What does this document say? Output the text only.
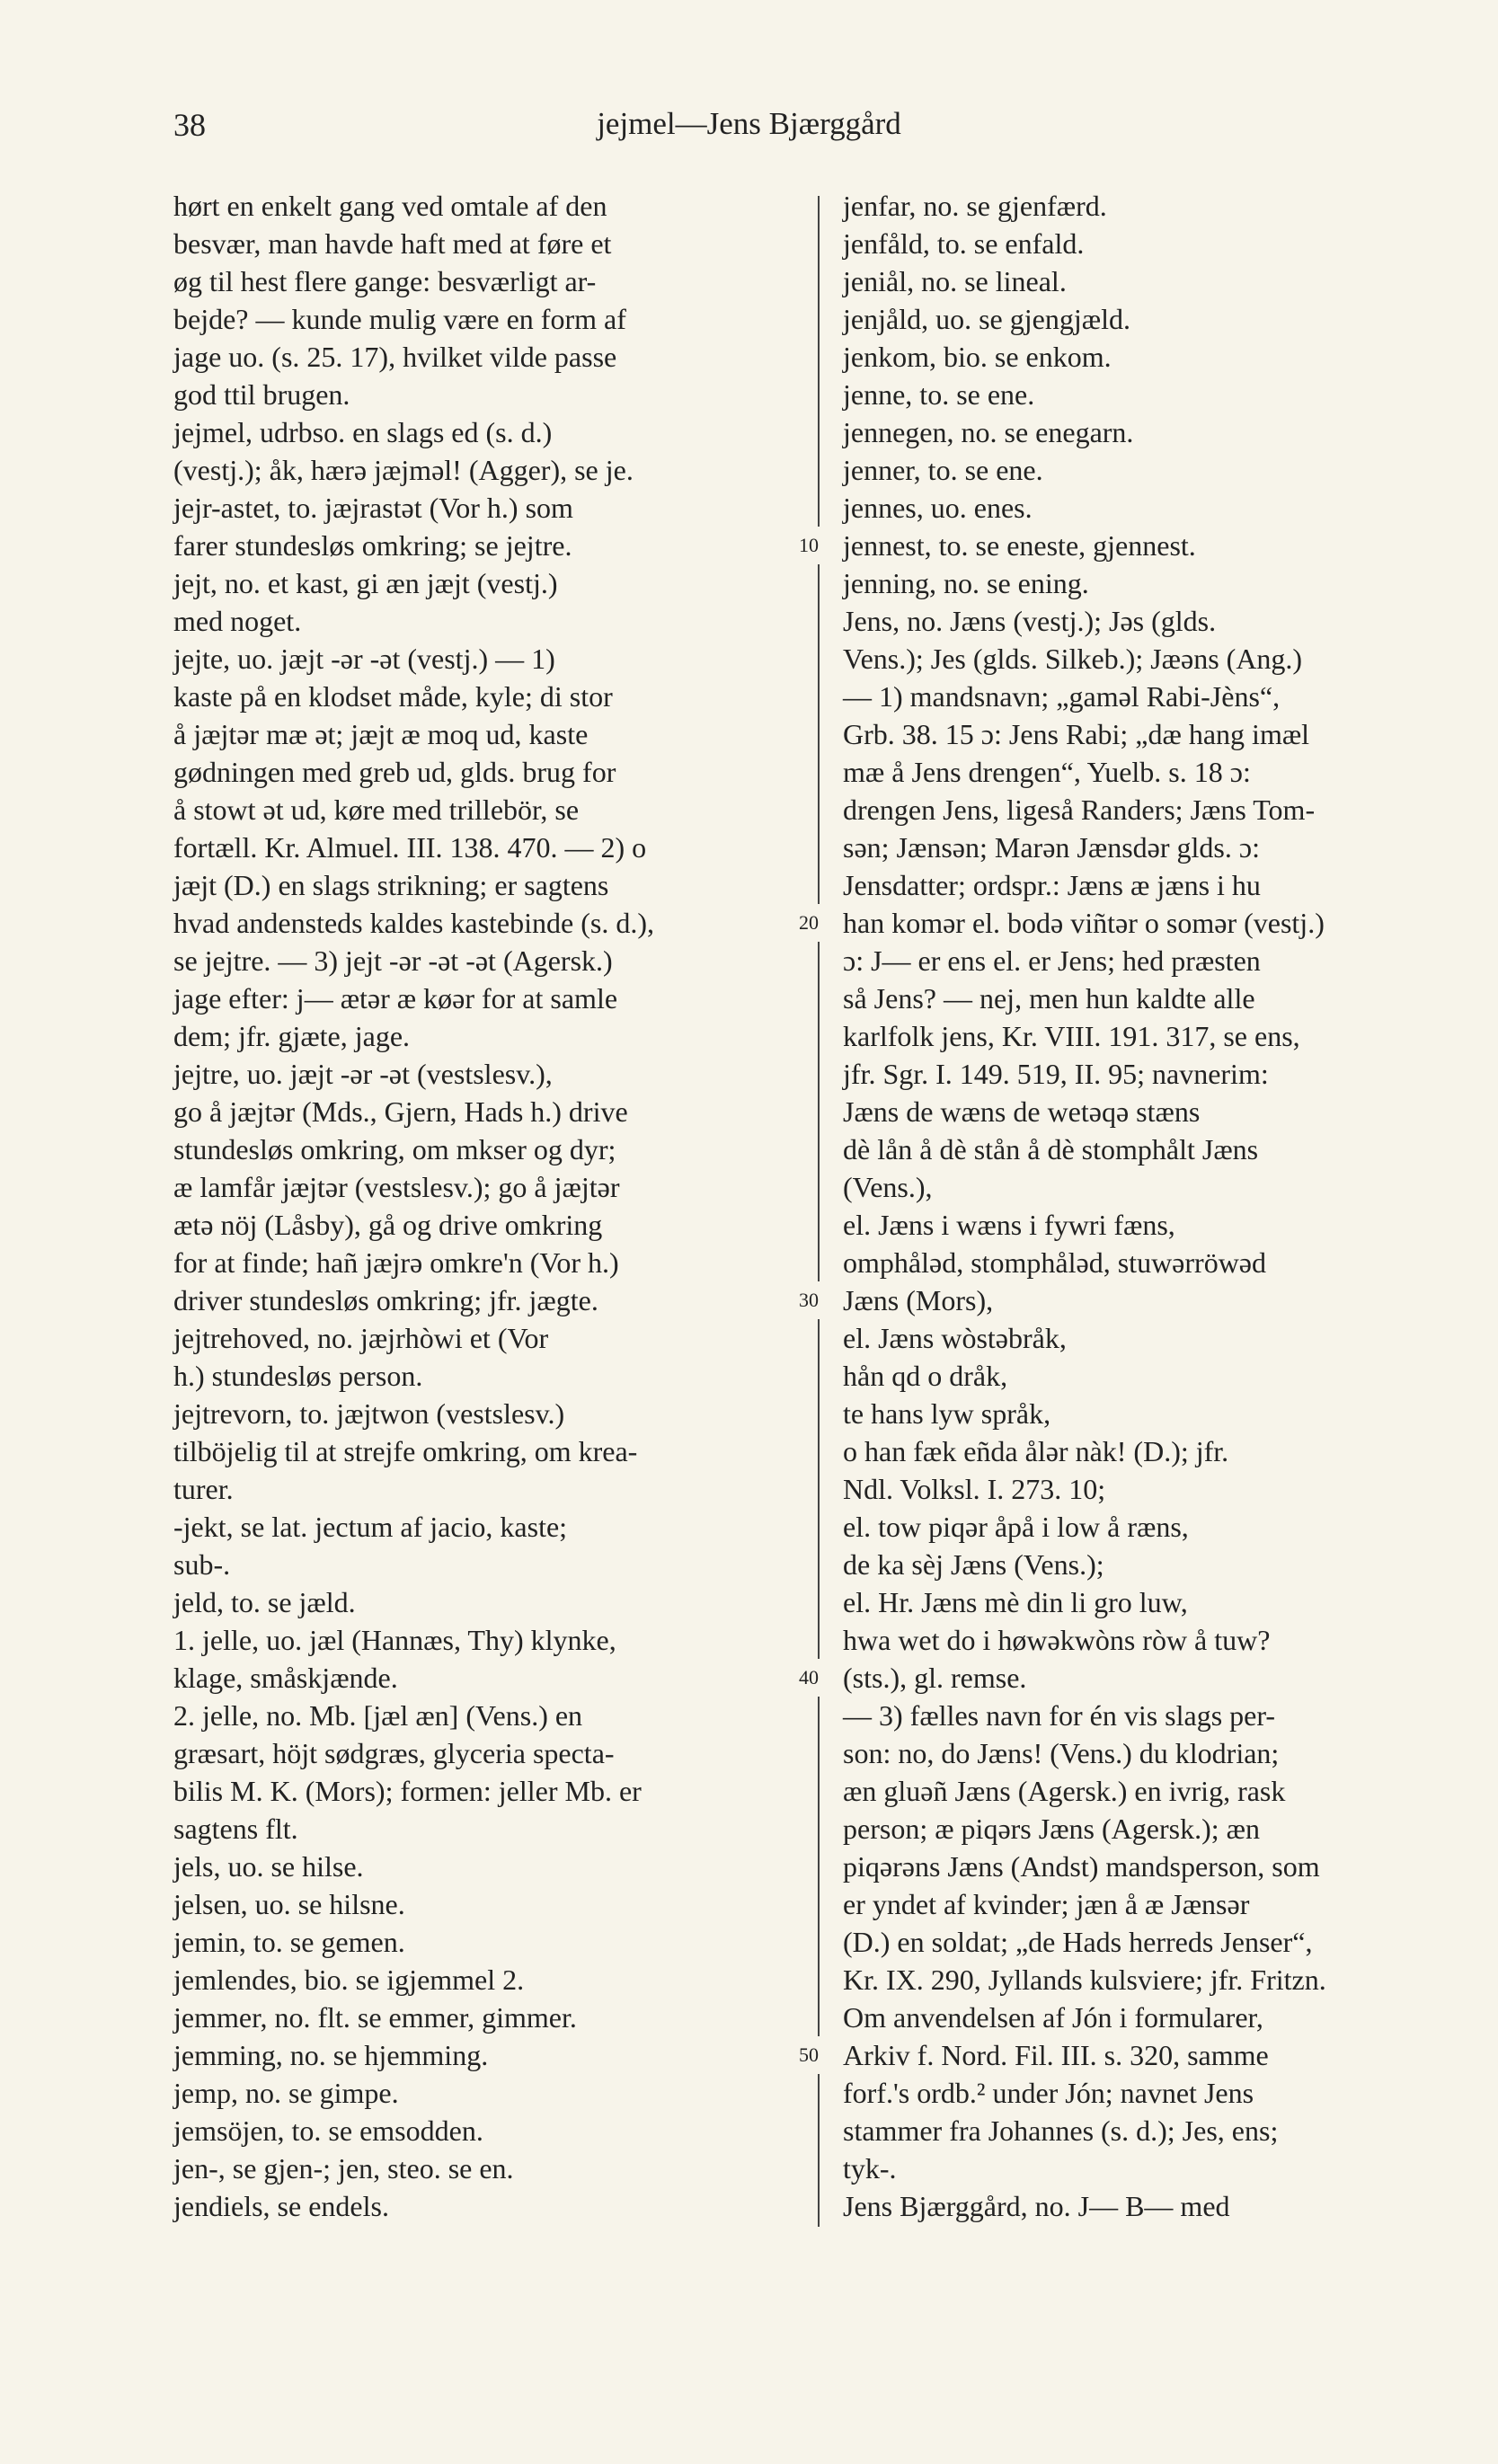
38	jejmel—Jens Bjærggård
hørt en enkelt gang ved omtale af den
besvær, man havde haft med at føre et
øg til hest flere gange: besværligt ar-
bejde? — kunde mulig være en form af
jage uo. (s. 25. 17), hvilket vilde passe
god ttil brugen.
jejmel, udrbso. en slags ed (s. d.)
(vestj.); åk, hærə jæjməl! (Agger), se je.
jejr-astet, to. jæjrastət (Vor h.) som
farer stundesløs omkring; se jejtre.
jejt, no. et kast, gi æn jæjt (vestj.)
med noget.
jejte, uo. jæjt -ər -ət (vestj.) — 1)
kaste på en klodset måde, kyle; di stor
å jæjtər mæ ət; jæjt æ moq ud, kaste
gødningen med greb ud, glds. brug for
å stowt ət ud, køre med trillebör, se
fortæll. Kr. Almuel. III. 138. 470. — 2) o
jæjt (D.) en slags strikning; er sagtens
hvad andensteds kaldes kastebinde (s. d.),
se jejtre. — 3) jejt -ər -ət -ət (Agersk.)
jage efter: j— ætər æ køər for at samle
dem; jfr. gjæte, jage.
jejtre, uo. jæjt -ər -ət (vestslesv.),
go å jæjtər (Mds., Gjern, Hads h.) drive
stundesløs omkring, om mkser og dyr;
æ lamfår jæjtər (vestslesv.); go å jæjtər
ætə nöj (Låsby), gå og drive omkring
for at finde; hañ jæjrə omkre'n (Vor h.)
driver stundesløs omkring; jfr. jægte.
jejtrehoved, no. jæjrhòwi et (Vor
h.) stundesløs person.
jejtrevorn, to. jæjtwon (vestslesv.)
tilböjelig til at strejfe omkring, om krea-
turer.
-jekt, se lat. jectum af jacio, kaste;
sub-.
jeld, to. se jæld.
1. jelle, uo. jæl (Hannæs, Thy) klynke,
klage, småskjænde.
2. jelle, no. Mb. [jæl æn] (Vens.) en
græsart, höjt sødgræs, glyceria specta-
bilis M. K. (Mors); formen: jeller Mb. er
sagtens flt.
jels, uo. se hilse.
jelsen, uo. se hilsne.
jemin, to. se gemen.
jemlendes, bio. se igjemmel 2.
jemmer, no. flt. se emmer, gimmer.
jemming, no. se hjemming.
jemp, no. se gimpe.
jemsöjen, to. se emsodden.
jen-, se gjen-; jen, steo. se en.
jendiels, se endels.
10
20
30
40
50
jenfar, no. se gjenfærd.
jenfåld, to. se enfald.
jeniål, no. se lineal.
jenjåld, uo. se gjengjæld.
jenkom, bio. se enkom.
jenne, to. se ene.
jennegen, no. se enegarn.
jenner, to. se ene.
jennes, uo. enes.
jennest, to. se eneste, gjennest.
jenning, no. se ening.
Jens, no. Jæns (vestj.); Jəs (glds.
Vens.); Jes (glds. Silkeb.); Jæəns (Ang.)
— 1) mandsnavn; „gaməl Rabi-Jèns“,
Grb. 38. 15 ɔ: Jens Rabi; „dæ hang imæl
mæ å Jens drengen“, Yuelb. s. 18 ɔ:
drengen Jens, ligeså Randers; Jæns Tom-
sən; Jænsən; Marən Jænsdər glds. ɔ:
Jensdatter; ordspr.: Jæns æ jæns i hu
han komər el. bodə viñtər o somər (vestj.)
ɔ: J— er ens el. er Jens; hed præsten
så Jens? — nej, men hun kaldte alle
karlfolk jens, Kr. VIII. 191. 317, se ens,
jfr. Sgr. I. 149. 519, II. 95; navnerim:
Jæns de wæns de wetəqə stæns
dè lån å dè stån å dè stomphålt Jæns
(Vens.),
el. Jæns i wæns i fywri fæns,
omphåləd, stomphåləd, stuwərröwəd
Jæns (Mors),
el. Jæns wòstəbråk,
hån qd o dråk,
te hans lyw språk,
o han fæk eñda ålər nàk! (D.); jfr.
Ndl. Volksl. I. 273. 10;
el. tow piqər åpå i low å ræns,
de ka sèj Jæns (Vens.);
el. Hr. Jæns mè din li gro luw,
hwa wet do i høwəkwòns ròw å tuw?
(sts.), gl. remse.
— 3) fælles navn for én vis slags per-
son: no, do Jæns! (Vens.) du klodrian;
æn gluəñ Jæns (Agersk.) en ivrig, rask
person; æ piqərs Jæns (Agersk.); æn
piqərəns Jæns (Andst) mandsperson, som
er yndet af kvinder; jæn å æ Jænsər
(D.) en soldat; „de Hads herreds Jenser“,
Kr. IX. 290, Jyllands kulsviere; jfr. Fritzn.
Om anvendelsen af Jón i formularer,
Arkiv f. Nord. Fil. III. s. 320, samme
forf.'s ordb.² under Jón; navnet Jens
stammer fra Johannes (s. d.); Jes, ens;
tyk-.
Jens Bjærggård, no. J— B— med
